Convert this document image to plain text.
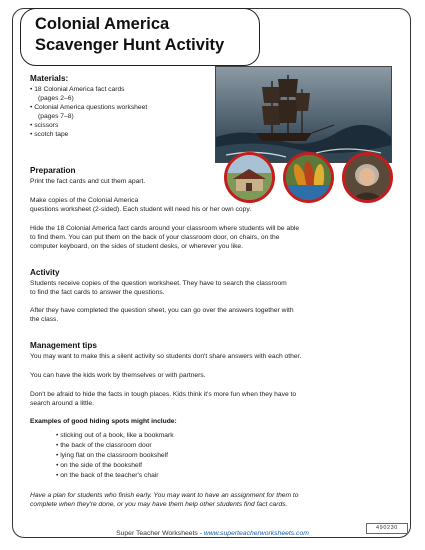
Colonial America
Scavenger Hunt Activity
Materials:
• 18 Colonial America fact cards
(pages 2–6)
• Colonial America questions worksheet
(pages 7–8)
• scissors
• scotch tape
Preparation
Print the fact cards and cut them apart.
Make copies of the Colonial America
questions worksheet (2-sided). Each student will need his or her own copy.
Hide the 18 Colonial America fact cards around your classroom where students will be able
to find them. You can put them on the back of your classroom door, on chairs, on the
computer keyboard, on the sides of student desks, or wherever you like.
Activity
Students receive copies of the question worksheet. They have to search the classroom
to find the fact cards to answer the questions.
After they have completed the question sheet, you can go over the answers together with
the class.
Management tips
You may want to make this a silent activity so students don't share answers with each other.
You can have the kids work by themselves or with partners.
Don't be afraid to hide the facts in tough places. Kids think it's more fun when they have to
search around a little.
Examples of good hiding spots might include:
• sticking out of a book, like a bookmark
• the back of the classroom door
• lying flat on the classroom bookshelf
• on the side of the bookshelf
• on the back of the teacher's chair
Have a plan for students who finish early. You may want to have an assignment for them to
complete when they're done, or you may have them help other students find fact cards.
490230
Super Teacher Worksheets - www.superteacherworksheets.com
